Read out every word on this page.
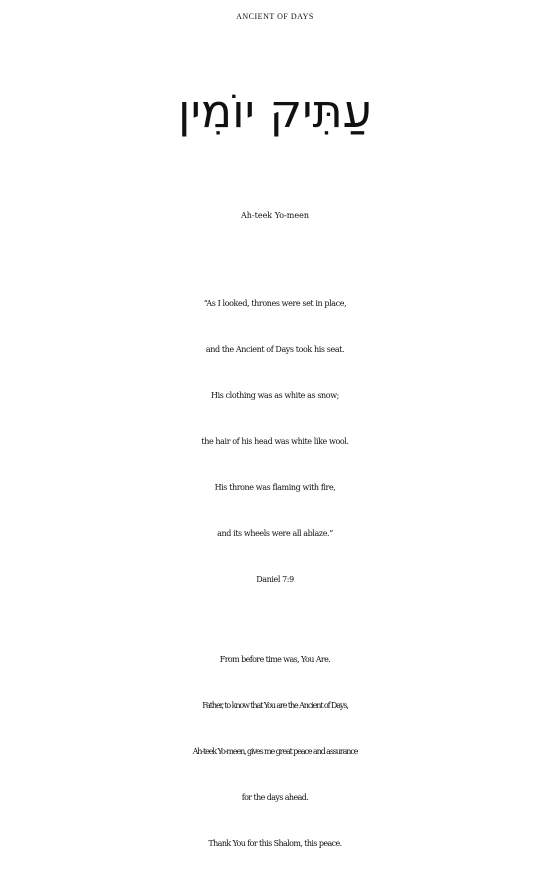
ANCIENT OF DAYS
עַתִּיק יוֹמִין
Ah-teek Yo-meen
“As I looked, thrones were set in place,
and the Ancient of Days took his seat.
His clothing was as white as snow;
the hair of his head was white like wool.
His throne was flaming with fire,
and its wheels were all ablaze.”
Daniel 7:9
From before time was, You Are.
Father, to know that You are the Ancient of Days,
Ah-teek Yo-meen, gives me great peace and assurance
for the days ahead.
Thank You for this Shalom, this peace.
